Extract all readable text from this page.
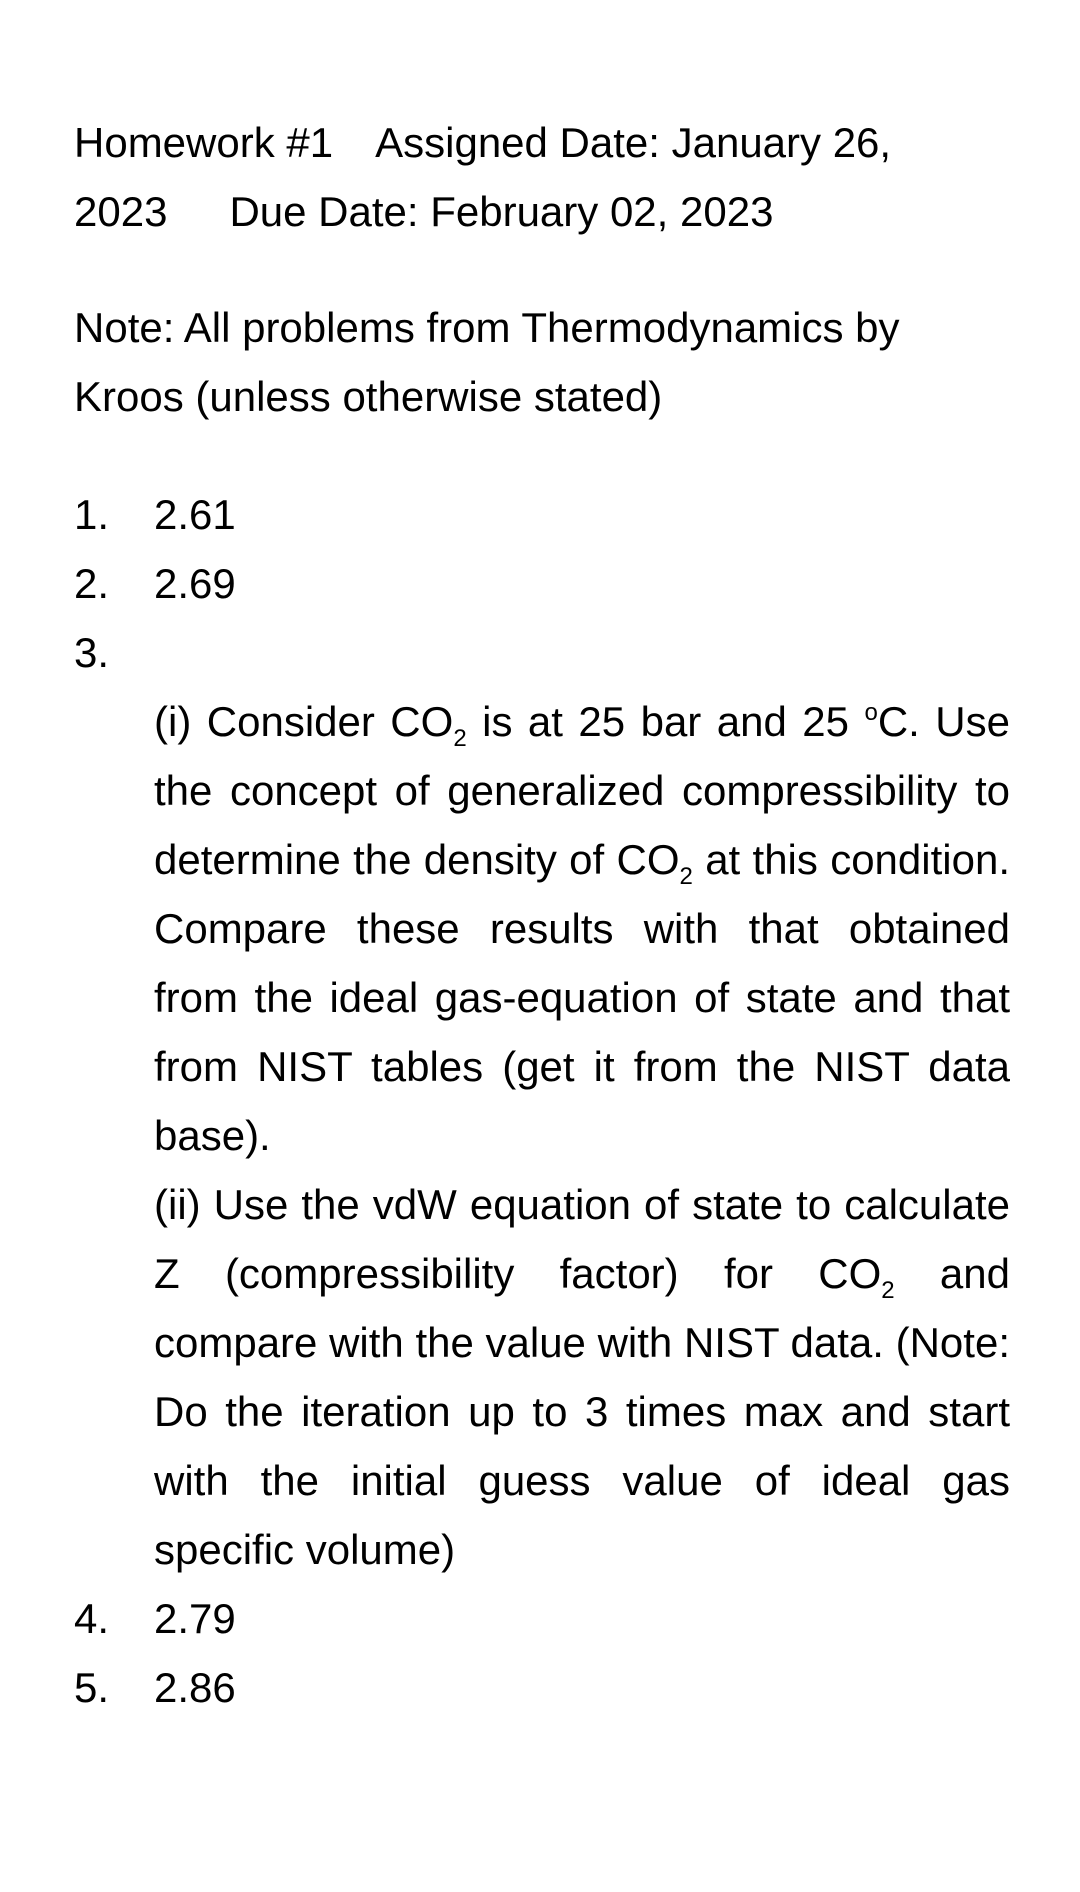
Homework #1 Assigned Date: January 26,
2023 Due Date: February 02, 2023
Note: All problems from Thermodynamics by
Kroos (unless otherwise stated)
1. 2.61
2. 2.69
3.
(i) Consider $CO_2$ is at 25 bar and 25 $^o$C. Use the concept of generalized compressibility to determine the density of $CO_2$ at this condition. Compare these results with that obtained from the ideal gas-equation of state and that from NIST tables (get it from the NIST data base).
(ii) Use the vdW equation of state to calculate Z (compressibility factor) for $CO_2$ and compare with the value with NIST data. (Note: Do the iteration up to 3 times max and start with the initial guess value of ideal gas specific volume)
4. 2.79
5. 2.86
